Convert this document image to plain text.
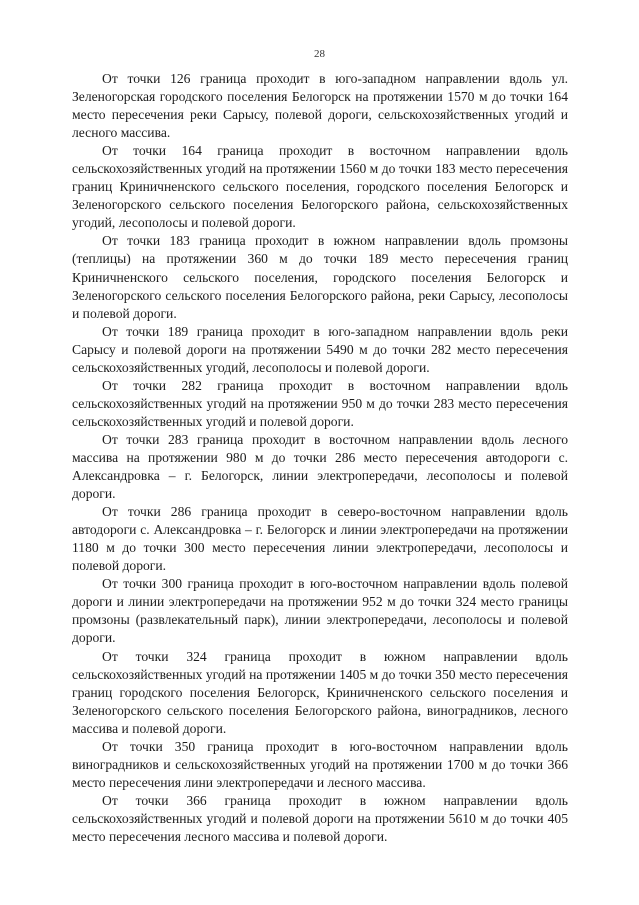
28

От точки 126 граница проходит в юго-западном направлении вдоль ул. Зеленогорская городского поселения Белогорск на протяжении 1570 м до точки 164 место пересечения реки Сарысу, полевой дороги, сельскохозяйственных угодий и лесного массива.

От точки 164 граница проходит в восточном направлении вдоль сельскохозяйственных угодий на протяжении 1560 м до точки 183 место пересечения границ Криничненского сельского поселения, городского поселения Белогорск и Зеленогорского сельского поселения Белогорского района, сельскохозяйственных угодий, лесополосы и полевой дороги.

От точки 183 граница проходит в южном направлении вдоль промзоны (теплицы) на протяжении 360 м до точки 189 место пересечения границ Криничненского сельского поселения, городского поселения Белогорск и Зеленогорского сельского поселения Белогорского района, реки Сарысу, лесополосы и полевой дороги.

От точки 189 граница проходит в юго-западном направлении вдоль реки Сарысу и полевой дороги на протяжении 5490 м до точки 282 место пересечения сельскохозяйственных угодий, лесополосы и полевой дороги.

От точки 282 граница проходит в восточном направлении вдоль сельскохозяйственных угодий на протяжении 950 м до точки 283 место пересечения сельскохозяйственных угодий и полевой дороги.

От точки 283 граница проходит в восточном направлении вдоль лесного массива на протяжении 980 м до точки 286 место пересечения автодороги с. Александровка – г. Белогорск, линии электропередачи, лесополосы и полевой дороги.

От точки 286 граница проходит в северо-восточном направлении вдоль автодороги с. Александровка – г. Белогорск и линии электропередачи на протяжении 1180 м до точки 300 место пересечения линии электропередачи, лесополосы и полевой дороги.

От точки 300 граница проходит в юго-восточном направлении вдоль полевой дороги и линии электропередачи на протяжении 952 м до точки 324 место границы промзоны (развлекательный парк), линии электропередачи, лесополосы и полевой дороги.

От точки 324 граница проходит в южном направлении вдоль сельскохозяйственных угодий на протяжении 1405 м до точки 350 место пересечения границ городского поселения Белогорск, Криничненского сельского поселения и Зеленогорского сельского поселения Белогорского района, виноградников, лесного массива и полевой дороги.

От точки 350 граница проходит в юго-восточном направлении вдоль виноградников и сельскохозяйственных угодий на протяжении 1700 м до точки 366 место пересечения лини электропередачи и лесного массива.

От точки 366 граница проходит в южном направлении вдоль сельскохозяйственных угодий и полевой дороги на протяжении 5610 м до точки 405 место пересечения лесного массива и полевой дороги.
